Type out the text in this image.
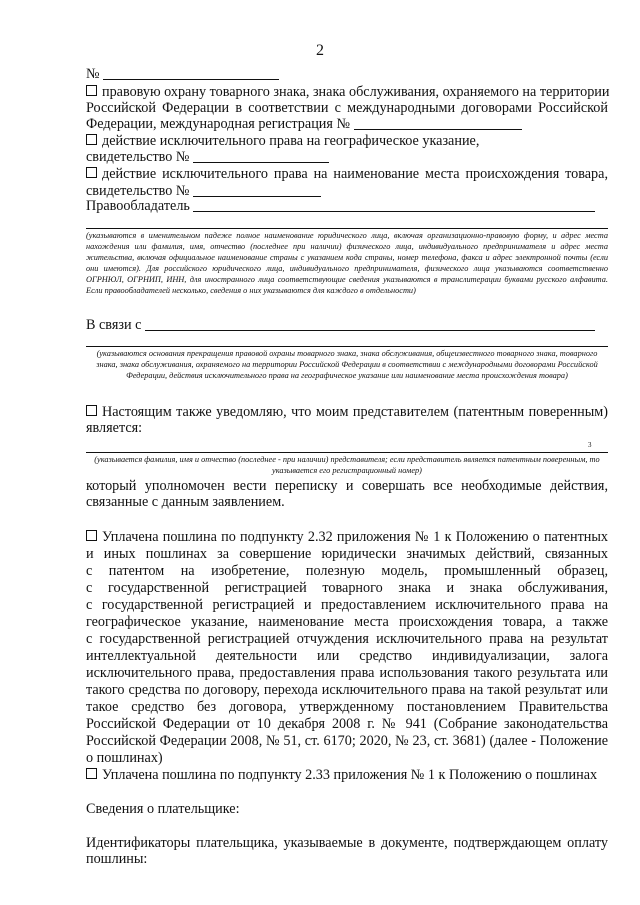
2
№
правовую охрану товарного знака, знака обслуживания, охраняемого на территории
Российской Федерации в соответствии с международными договорами Российской
Федерации, международная регистрация №
действие исключительного права на географическое указание,
свидетельство №
действие исключительного права на наименование места происхождения товара,
свидетельство №
Правообладатель
(указываются в именительном падеже полное наименование юридического лица, включая организационно-правовую форму, и адрес места нахождения или фамилия, имя, отчество (последнее при наличии) физического лица, индивидуального предпринимателя и адрес места жительства, включая официальное наименование страны с указанием кода страны, номер телефона, факса и адрес электронной почты (если они имеются). Для российского юридического лица, индивидуального предпринимателя, физического лица указываются соответственно ОГРНЮЛ, ОГРНИП, ИНН, для иностранного лица соответствующие сведения указываются в транслитерации буквами русского алфавита. Если правообладателей несколько, сведения о них указываются для каждого в отдельности)
В связи с
(указываются основания прекращения правовой охраны товарного знака, знака обслуживания, общеизвестного товарного знака, товарного знака, знака обслуживания, охраняемого на территории Российской Федерации в соответствии с международными договорами Российской Федерации, действия исключительного права на географическое указание или наименование места происхождения товара)
Настоящим также уведомляю, что моим представителем (патентным поверенным)
является:
3
(указывается фамилия, имя и отчество (последнее - при наличии) представителя; если представитель является патентным поверенным, то указывается его регистрационный номер)
который уполномочен вести переписку и совершать все необходимые действия,
связанные с данным заявлением.
Уплачена пошлина по подпункту 2.32 приложения № 1 к Положению о патентных
и иных пошлинах за совершение юридически значимых действий, связанных
с патентом на изобретение, полезную модель, промышленный образец,
с государственной регистрацией товарного знака и знака обслуживания,
с государственной регистрацией и предоставлением исключительного права на
географическое указание, наименование места происхождения товара, а также
с государственной регистрацией отчуждения исключительного права на результат
интеллектуальной деятельности или средство индивидуализации, залога
исключительного права, предоставления права использования такого результата или
такого средства по договору, перехода исключительного права на такой результат или
такое средство без договора, утвержденному постановлением Правительства
Российской Федерации от 10 декабря 2008 г. № 941 (Собрание законодательства
Российской Федерации 2008, № 51, ст. 6170; 2020, № 23, ст. 3681) (далее - Положение
о пошлинах)
Уплачена пошлина по подпункту 2.33 приложения № 1 к Положению о пошлинах
Сведения о плательщике:
Идентификаторы плательщика, указываемые в документе, подтверждающем оплату
пошлины:
